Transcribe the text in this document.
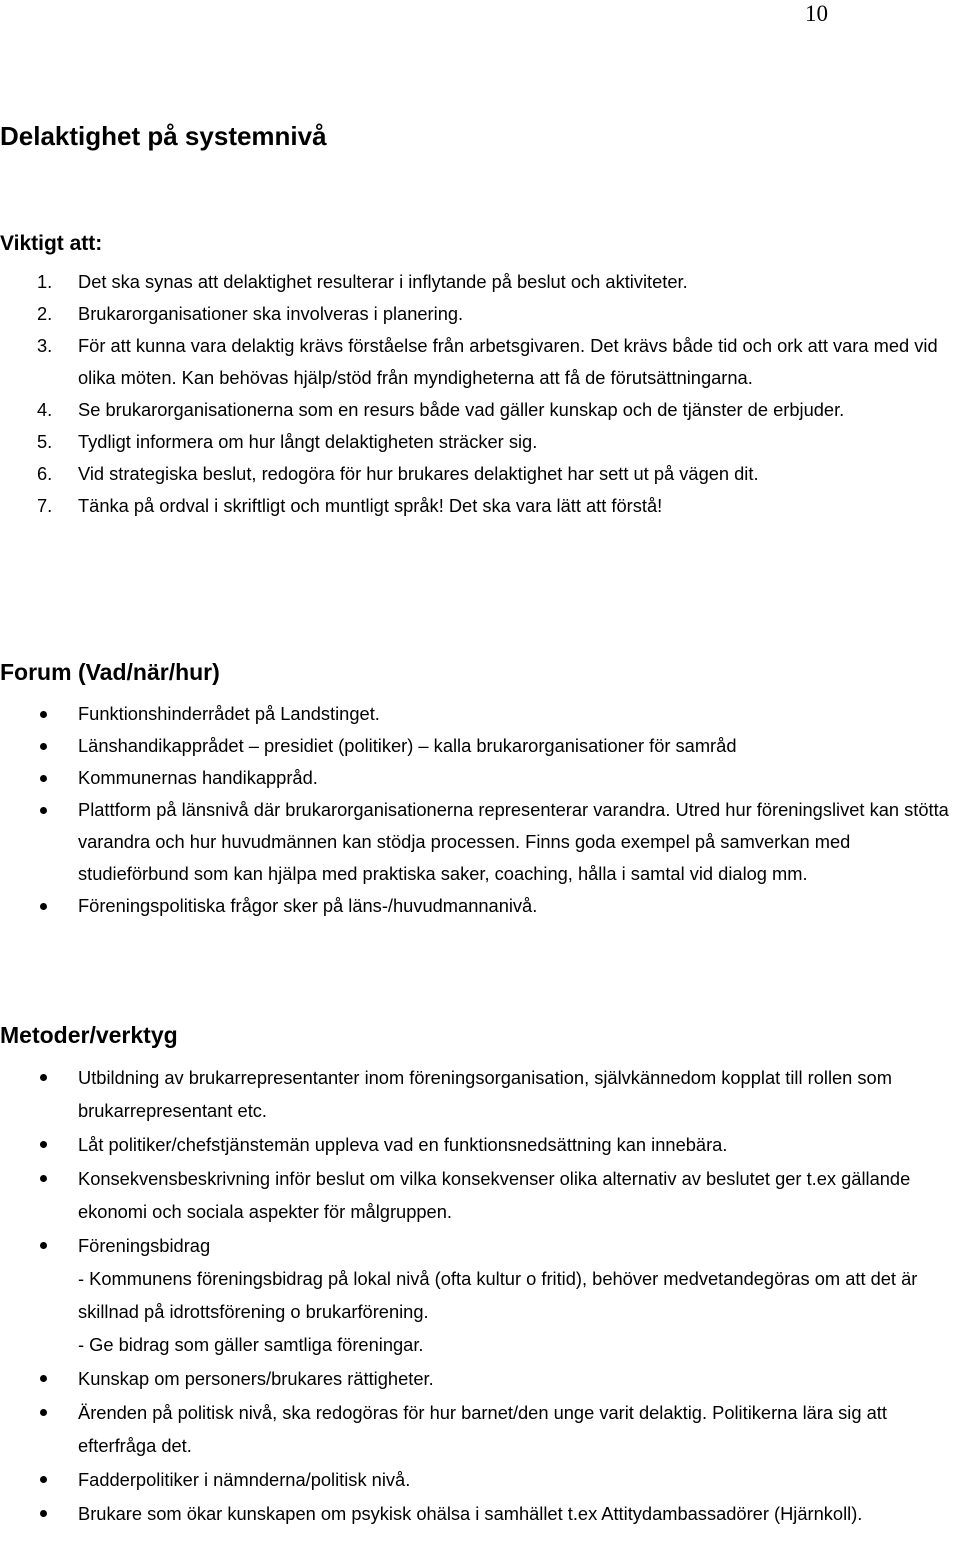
10
Delaktighet på systemnivå
Viktigt att:
1. Det ska synas att delaktighet resulterar i inflytande på beslut och aktiviteter.
2. Brukarorganisationer ska involveras i planering.
3. För att kunna vara delaktig krävs förståelse från arbetsgivaren. Det krävs både tid och ork att vara med vid olika möten. Kan behövas hjälp/stöd från myndigheterna att få de förutsättningarna.
4. Se brukarorganisationerna som en resurs både vad gäller kunskap och de tjänster de erbjuder.
5. Tydligt informera om hur långt delaktigheten sträcker sig.
6. Vid strategiska beslut, redogöra för hur brukares delaktighet har sett ut på vägen dit.
7. Tänka på ordval i skriftligt och muntligt språk! Det ska vara lätt att förstå!
Forum (Vad/när/hur)
Funktionshinderrådet på Landstinget.
Länshandikapprådet – presidiet (politiker) – kalla brukarorganisationer för samråd
Kommunernas handikappråd.
Plattform på länsnivå där brukarorganisationerna representerar varandra. Utred hur föreningslivet kan stötta varandra och hur huvudmännen kan stödja processen. Finns goda exempel på samverkan med studieförbund som kan hjälpa med praktiska saker, coaching, hålla i samtal vid dialog mm.
Föreningspolitiska frågor sker på läns-/huvudmannanivå.
Metoder/verktyg
Utbildning av brukarrepresentanter inom föreningsorganisation, självkännedom kopplat till rollen som brukarrepresentant etc.
Låt politiker/chefstjänstemän uppleva vad en funktionsnedsättning kan innebära.
Konsekvensbeskrivning inför beslut om vilka konsekvenser olika alternativ av beslutet ger t.ex gällande ekonomi och sociala aspekter för målgruppen.
Föreningsbidrag
- Kommunens föreningsbidrag på lokal nivå (ofta kultur o fritid), behöver medvetandegöras om att det är skillnad på idrottsförening o brukarförening.
- Ge bidrag som gäller samtliga föreningar.
Kunskap om personers/brukares rättigheter.
Ärenden på politisk nivå, ska redogöras för hur barnet/den unge varit delaktig. Politikerna lära sig att efterfråga det.
Fadderpolitiker i nämnderna/politisk nivå.
Brukare som ökar kunskapen om psykisk ohälsa i samhället t.ex Attitydambassadörer (Hjärnkoll).
